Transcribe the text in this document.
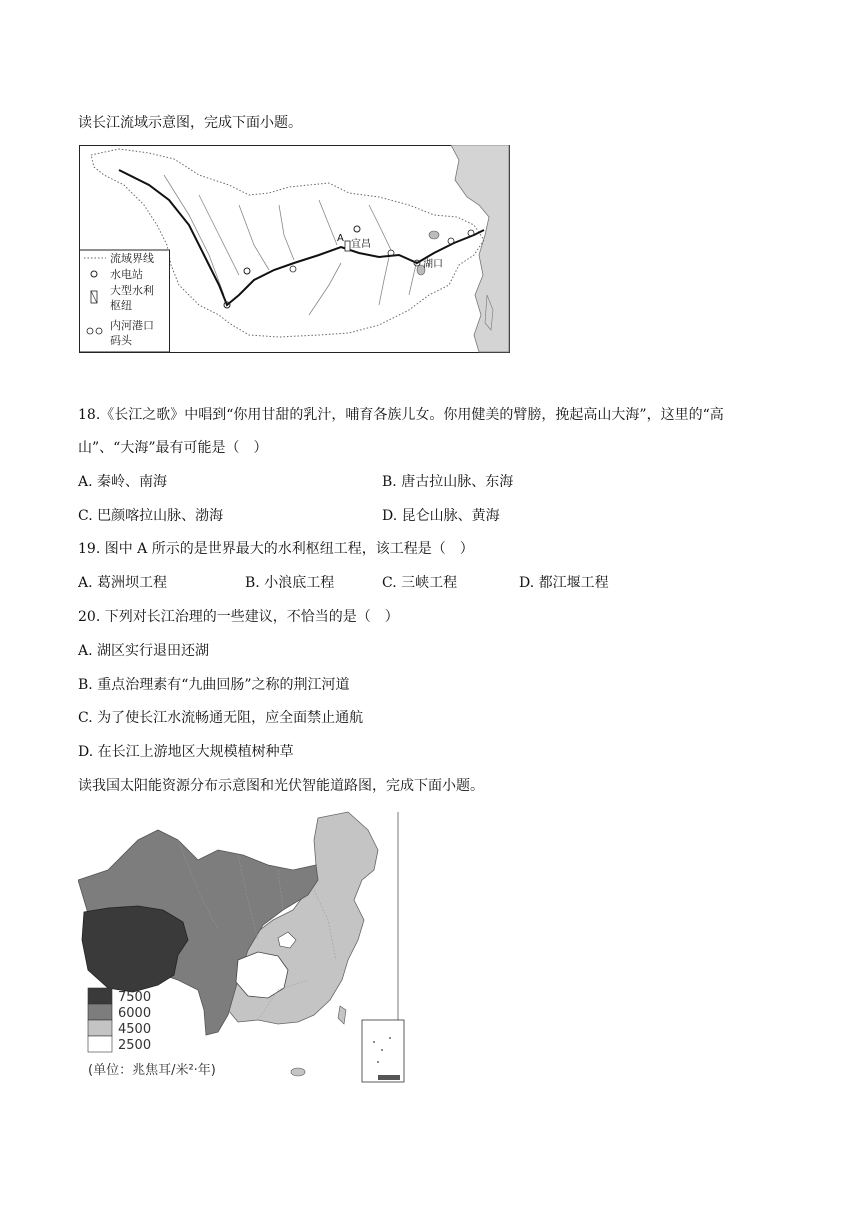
读长江流域示意图，完成下面小题。
A
宜昌
湖口
流域界线
水电站
大型水利
枢纽
内河港口
码头
18.《长江之歌》中唱到“你用甘甜的乳汁，哺育各族儿女。你用健美的臂膀，挽起高山大海”，这里的“高
山”、“大海”最有可能是（　）
A. 秦岭、南海	B. 唐古拉山脉、东海
C. 巴颜喀拉山脉、渤海	D. 昆仑山脉、黄海
19. 图中 A 所示的是世界最大的水利枢纽工程，该工程是（　）
A. 葛洲坝工程	B. 小浪底工程	C. 三峡工程	D. 都江堰工程
20. 下列对长江治理的一些建议，不恰当的是（　）
A. 湖区实行退田还湖
B. 重点治理素有“九曲回肠”之称的荆江河道
C. 为了使长江水流畅通无阻，应全面禁止通航
D. 在长江上游地区大规模植树种草
读我国太阳能资源分布示意图和光伏智能道路图，完成下面小题。
7500
6000
4500
2500
(单位：兆焦耳/米²·年)
